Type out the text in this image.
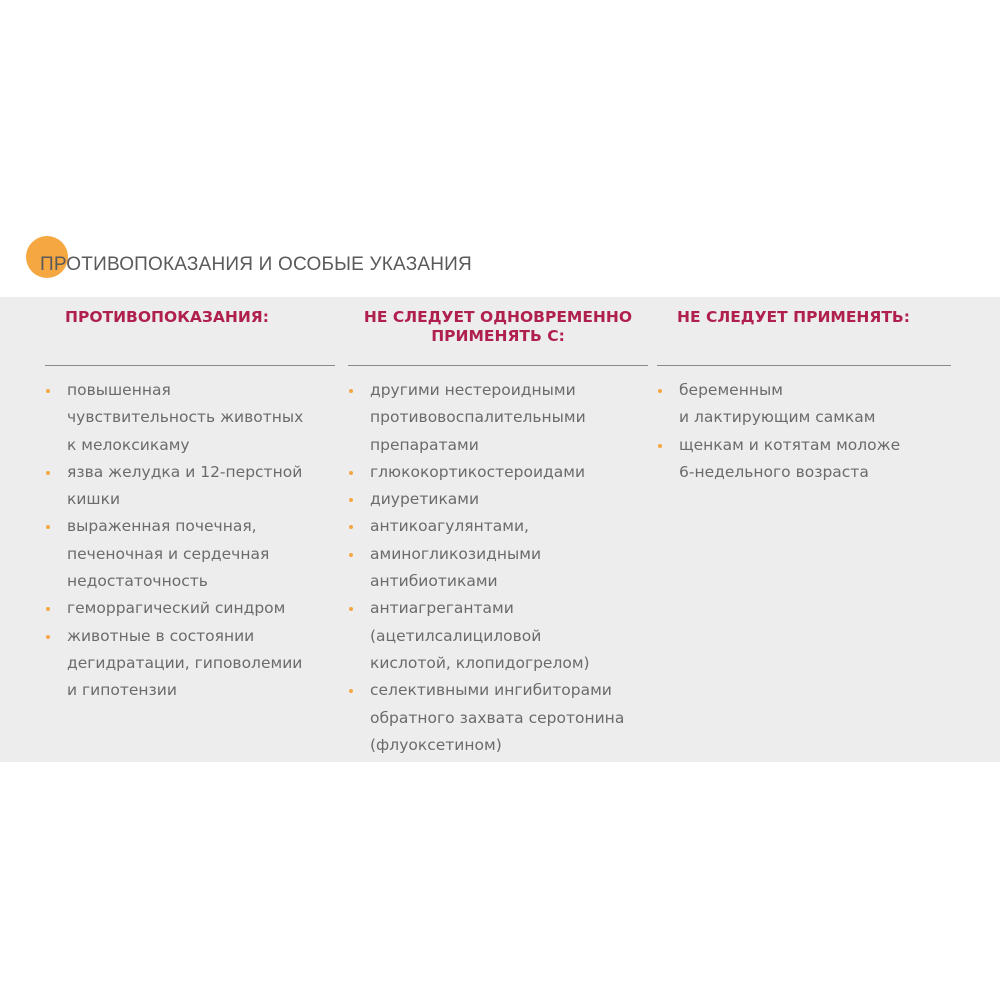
ПРОТИВОПОКАЗАНИЯ И ОСОБЫЕ УКАЗАНИЯ
ПРОТИВОПОКАЗАНИЯ:
повышенная
чувствительность животных
к мелоксикаму
язва желудка и 12-перстной
кишки
выраженная почечная,
печеночная и сердечная
недостаточность
геморрагический синдром
животные в состоянии
дегидратации, гиповолемии
и гипотензии
НЕ СЛЕДУЕТ ОДНОВРЕМЕННО
ПРИМЕНЯТЬ С:
другими нестероидными
противовоспалительными
препаратами
глюкокортикостероидами
диуретиками
антикоагулянтами,
аминогликозидными
антибиотиками
антиагрегантами
(ацетилсалициловой
кислотой, клопидогрелом)
селективными ингибиторами
обратного захвата серотонина
(флуоксетином)
НЕ СЛЕДУЕТ ПРИМЕНЯТЬ:
беременным
и лактирующим самкам
щенкам и котятам моложе
6-недельного возраста
